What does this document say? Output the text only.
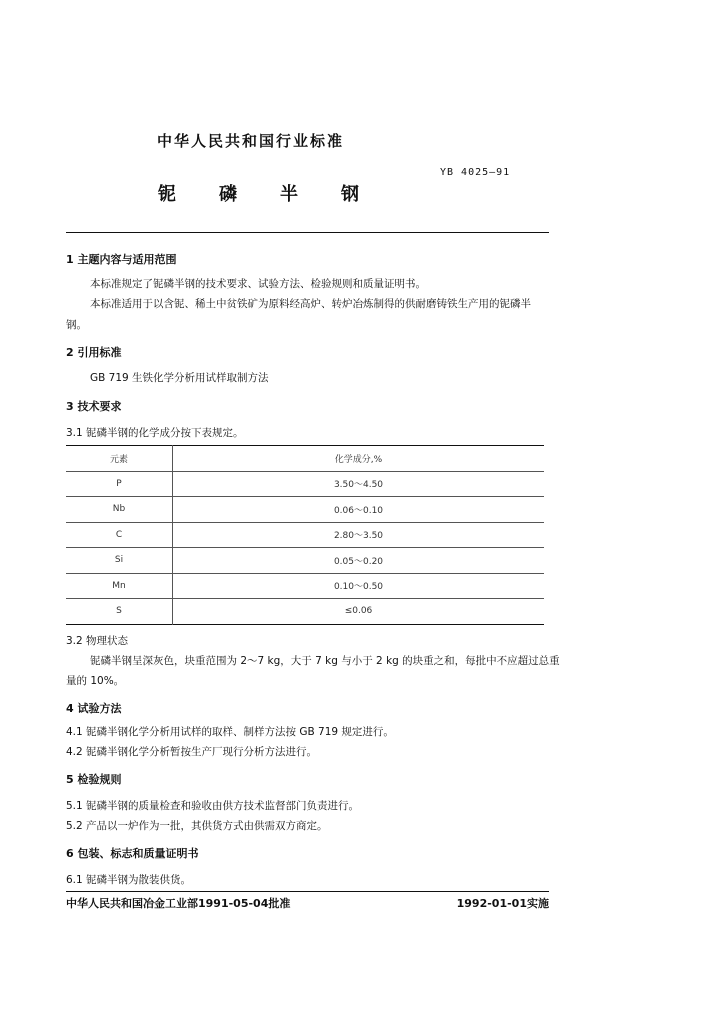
中华人民共和国行业标准
YB 4025—91
铌 磷 半 钢
1 主题内容与适用范围
本标准规定了铌磷半钢的技术要求、试验方法、检验规则和质量证明书。
本标准适用于以含铌、稀土中贫铁矿为原料经高炉、转炉冶炼制得的供耐磨铸铁生产用的铌磷半
钢。
2 引用标准
GB 719 生铁化学分析用试样取制方法
3 技术要求
3.1 铌磷半钢的化学成分按下表规定。
元素	化学成分,%
P	3.50～4.50
Nb	0.06～0.10
C	2.80～3.50
Si	0.05～0.20
Mn	0.10～0.50
S	≤0.06
3.2 物理状态
铌磷半钢呈深灰色，块重范围为 2～7 kg，大于 7 kg 与小于 2 kg 的块重之和，每批中不应超过总重
量的 10%。
4 试验方法
4.1 铌磷半钢化学分析用试样的取样、制样方法按 GB 719 规定进行。
4.2 铌磷半钢化学分析暂按生产厂现行分析方法进行。
5 检验规则
5.1 铌磷半钢的质量检查和验收由供方技术监督部门负责进行。
5.2 产品以一炉作为一批，其供货方式由供需双方商定。
6 包装、标志和质量证明书
6.1 铌磷半钢为散装供货。
中华人民共和国冶金工业部1991-05-04批准	1992-01-01实施
